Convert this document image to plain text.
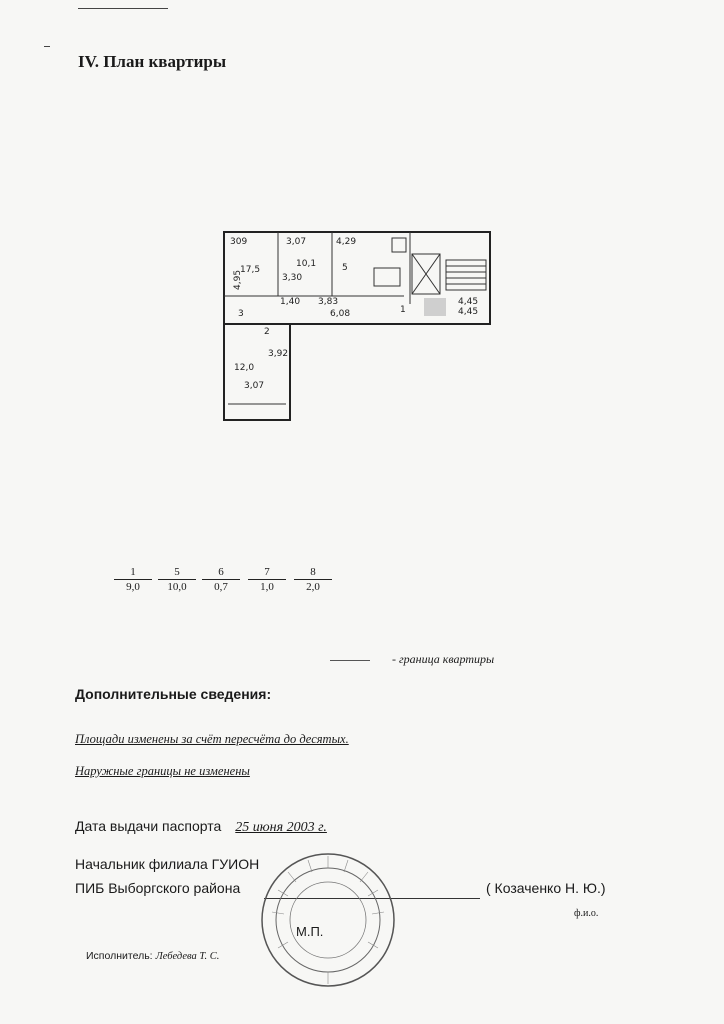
IV. План квартиры
309
17,5
4,95
3,07
10,1
3,30
4,29
5
1,40 3,83
6,08	1
3
2
12,0
3,92
3,07
4,45
4,45
$\frac{1}{9,0} \frac{5}{10,0} \frac{6}{0,7} \frac{7}{1,0} \frac{8}{2,0}$
- граница квартиры
Дополнительные сведения:
Площади изменены за счёт пересчёта до десятых.
Наружные границы не изменены
Дата выдачи паспорта 25 июня 2003 г.
Начальник филиала ГУИОН
ПИБ Выборгского района	( Козаченко Н. Ю.)
ф.и.о.
М.П.
Исполнитель: Лебедева Т. С.
